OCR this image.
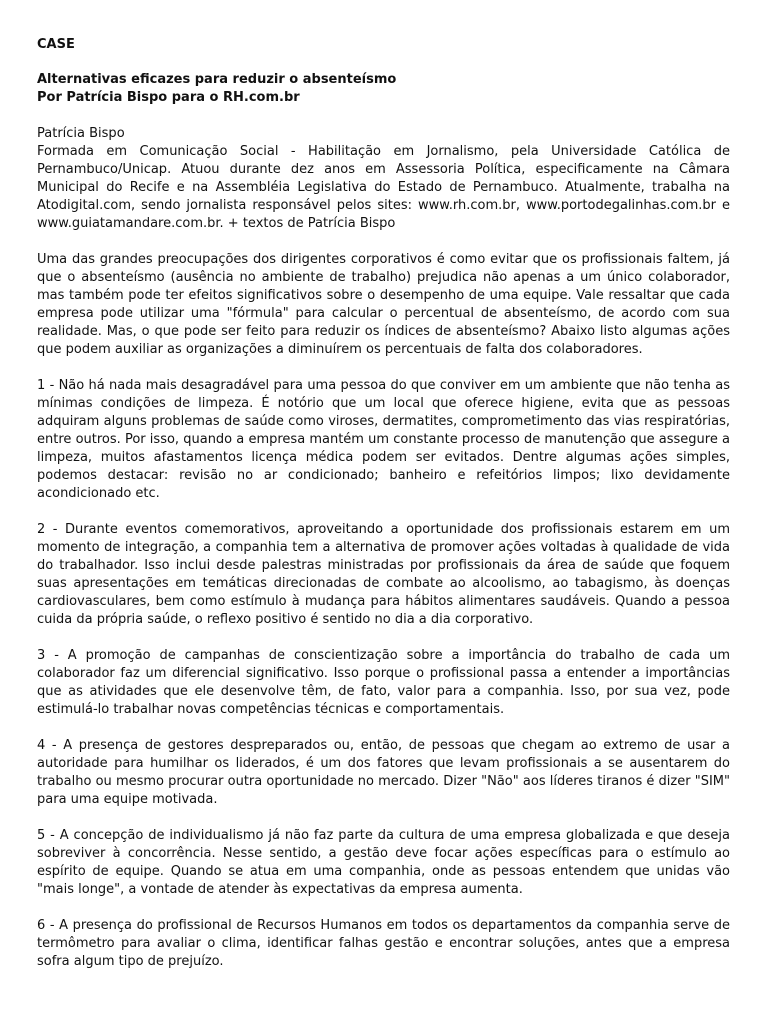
CASE

Alternativas eficazes para reduzir o absenteísmo

Por Patrícia Bispo para o RH.com.br

Patrícia Bispo
Formada em Comunicação Social - Habilitação em Jornalismo, pela Universidade Católica de Pernambuco/Unicap. Atuou durante dez anos em Assessoria Política, especificamente na Câmara Municipal do Recife e na Assembléia Legislativa do Estado de Pernambuco. Atualmente, trabalha na Atodigital.com, sendo jornalista responsável pelos sites: www.rh.com.br, www.portodegalinhas.com.br e www.guiatamandare.com.br. + textos de Patrícia Bispo

Uma das grandes preocupações dos dirigentes corporativos é como evitar que os profissionais faltem, já que o absenteísmo (ausência no ambiente de trabalho) prejudica não apenas a um único colaborador, mas também pode ter efeitos significativos sobre o desempenho de uma equipe. Vale ressaltar que cada empresa pode utilizar uma "fórmula" para calcular o percentual de absenteísmo, de acordo com sua realidade. Mas, o que pode ser feito para reduzir os índices de absenteísmo? Abaixo listo algumas ações que podem auxiliar as organizações a diminuírem os percentuais de falta dos colaboradores.

1 - Não há nada mais desagradável para uma pessoa do que conviver em um ambiente que não tenha as mínimas condições de limpeza. É notório que um local que oferece higiene, evita que as pessoas adquiram alguns problemas de saúde como viroses, dermatites, comprometimento das vias respiratórias, entre outros. Por isso, quando a empresa mantém um constante processo de manutenção que assegure a limpeza, muitos afastamentos licença médica podem ser evitados. Dentre algumas ações simples, podemos destacar: revisão no ar condicionado; banheiro e refeitórios limpos; lixo devidamente acondicionado etc.

2 - Durante eventos comemorativos, aproveitando a oportunidade dos profissionais estarem em um momento de integração, a companhia tem a alternativa de promover ações voltadas à qualidade de vida do trabalhador. Isso inclui desde palestras ministradas por profissionais da área de saúde que foquem suas apresentações em temáticas direcionadas de combate ao alcoolismo, ao tabagismo, às doenças cardiovasculares, bem como estímulo à mudança para hábitos alimentares saudáveis. Quando a pessoa cuida da própria saúde, o reflexo positivo é sentido no dia a dia corporativo.

3 - A promoção de campanhas de conscientização sobre a importância do trabalho de cada um colaborador faz um diferencial significativo. Isso porque o profissional passa a entender a importâncias que as atividades que ele desenvolve têm, de fato, valor para a companhia. Isso, por sua vez, pode estimulá-lo trabalhar novas competências técnicas e comportamentais.

4 - A presença de gestores despreparados ou, então, de pessoas que chegam ao extremo de usar a autoridade para humilhar os liderados, é um dos fatores que levam profissionais a se ausentarem do trabalho ou mesmo procurar outra oportunidade no mercado. Dizer "Não" aos líderes tiranos é dizer "SIM" para uma equipe motivada.

5 - A concepção de individualismo já não faz parte da cultura de uma empresa globalizada e que deseja sobreviver à concorrência. Nesse sentido, a gestão deve focar ações específicas para o estímulo ao espírito de equipe. Quando se atua em uma companhia, onde as pessoas entendem que unidas vão "mais longe", a vontade de atender às expectativas da empresa aumenta.

6 - A presença do profissional de Recursos Humanos em todos os departamentos da companhia serve de termômetro para avaliar o clima, identificar falhas gestão e encontrar soluções, antes que a empresa sofra algum tipo de prejuízo.
